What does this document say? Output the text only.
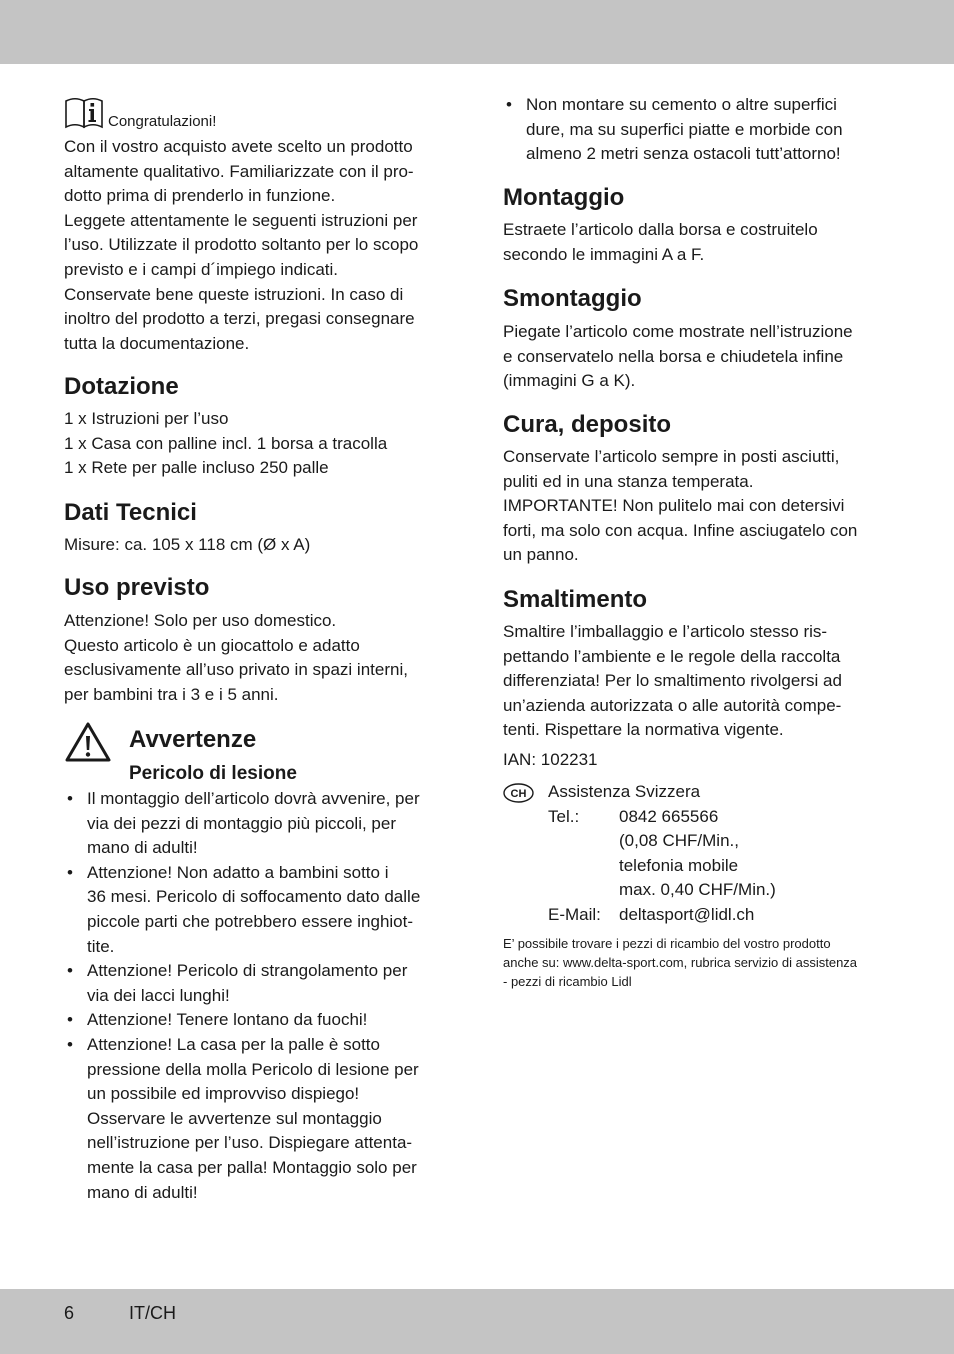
Congratulazioni!

Con il vostro acquisto avete scelto un prodotto

altamente qualitativo. Familiarizzate con il pro-

dotto prima di prenderlo in funzione.

Leggete attentamente le seguenti istruzioni per

l’uso. Utilizzate il prodotto soltanto per lo scopo

previsto e i campi d´impiego indicati.

Conservate bene queste istruzioni. In caso di

inoltro del prodotto a terzi, pregasi consegnare

tutta la documentazione.

Dotazione

1 x Istruzioni per l’uso

1 x Casa con palline incl. 1 borsa a tracolla

1 x Rete per palle incluso 250 palle

Dati Tecnici

Misure: ca. 105 x 118 cm (Ø x A)

Uso previsto

Attenzione! Solo per uso domestico.

Questo articolo è un giocattolo e adatto

esclusivamente all’uso privato in spazi interni,

per bambini tra i 3 e i 5 anni.

Avvertenze

Pericolo di lesione

• Il montaggio dell’articolo dovrà avvenire, per
via dei pezzi di montaggio più piccoli, per
mano di adulti!
• Attenzione! Non adatto a bambini sotto i
36 mesi. Pericolo di soffocamento dato dalle
piccole parti che potrebbero essere inghiot-
tite.
• Attenzione! Pericolo di strangolamento per
via dei lacci lunghi!
• Attenzione! Tenere lontano da fuochi!
• Attenzione! La casa per la palle è sotto
pressione della molla Pericolo di lesione per
un possibile ed improvviso dispiego!
Osservare le avvertenze sul montaggio
nell’istruzione per l’uso. Dispiegare attenta-
mente la casa per palla! Montaggio solo per
mano di adulti!
• Non montare su cemento o altre superfici
dure, ma su superfici piatte e morbide con
almeno 2 metri senza ostacoli tutt’attorno!
Montaggio

Estraete l’articolo dalla borsa e costruitelo

secondo le immagini A a F.

Smontaggio

Piegate l’articolo come mostrate nell’istruzione

e conservatelo nella borsa e chiudetela infine

(immagini G a K).

Cura, deposito

Conservate l’articolo sempre in posti asciutti,

puliti ed in una stanza temperata.

IMPORTANTE! Non pulitelo mai con detersivi

forti, ma solo con acqua. Infine asciugatelo con

un panno.

Smaltimento

Smaltire l’imballaggio e l’articolo stesso ris-

pettando l’ambiente e le regole della raccolta

differenziata! Per lo smaltimento rivolgersi ad

un’azienda autorizzata o alle autorità compe-

tenti. Rispettare la normativa vigente.

IAN: 102231

CH Assistenza Svizzera

Tel.:	0842 665566
(0,08 CHF/Min.,
telefonia mobile
max. 0,40 CHF/Min.)
E-Mail:	deltasport@lidl.ch

E’ possibile trovare i pezzi di ricambio del vostro prodotto

anche su: www.delta-sport.com, rubrica servizio di assistenza

- pezzi di ricambio Lidl

6	IT/CH
